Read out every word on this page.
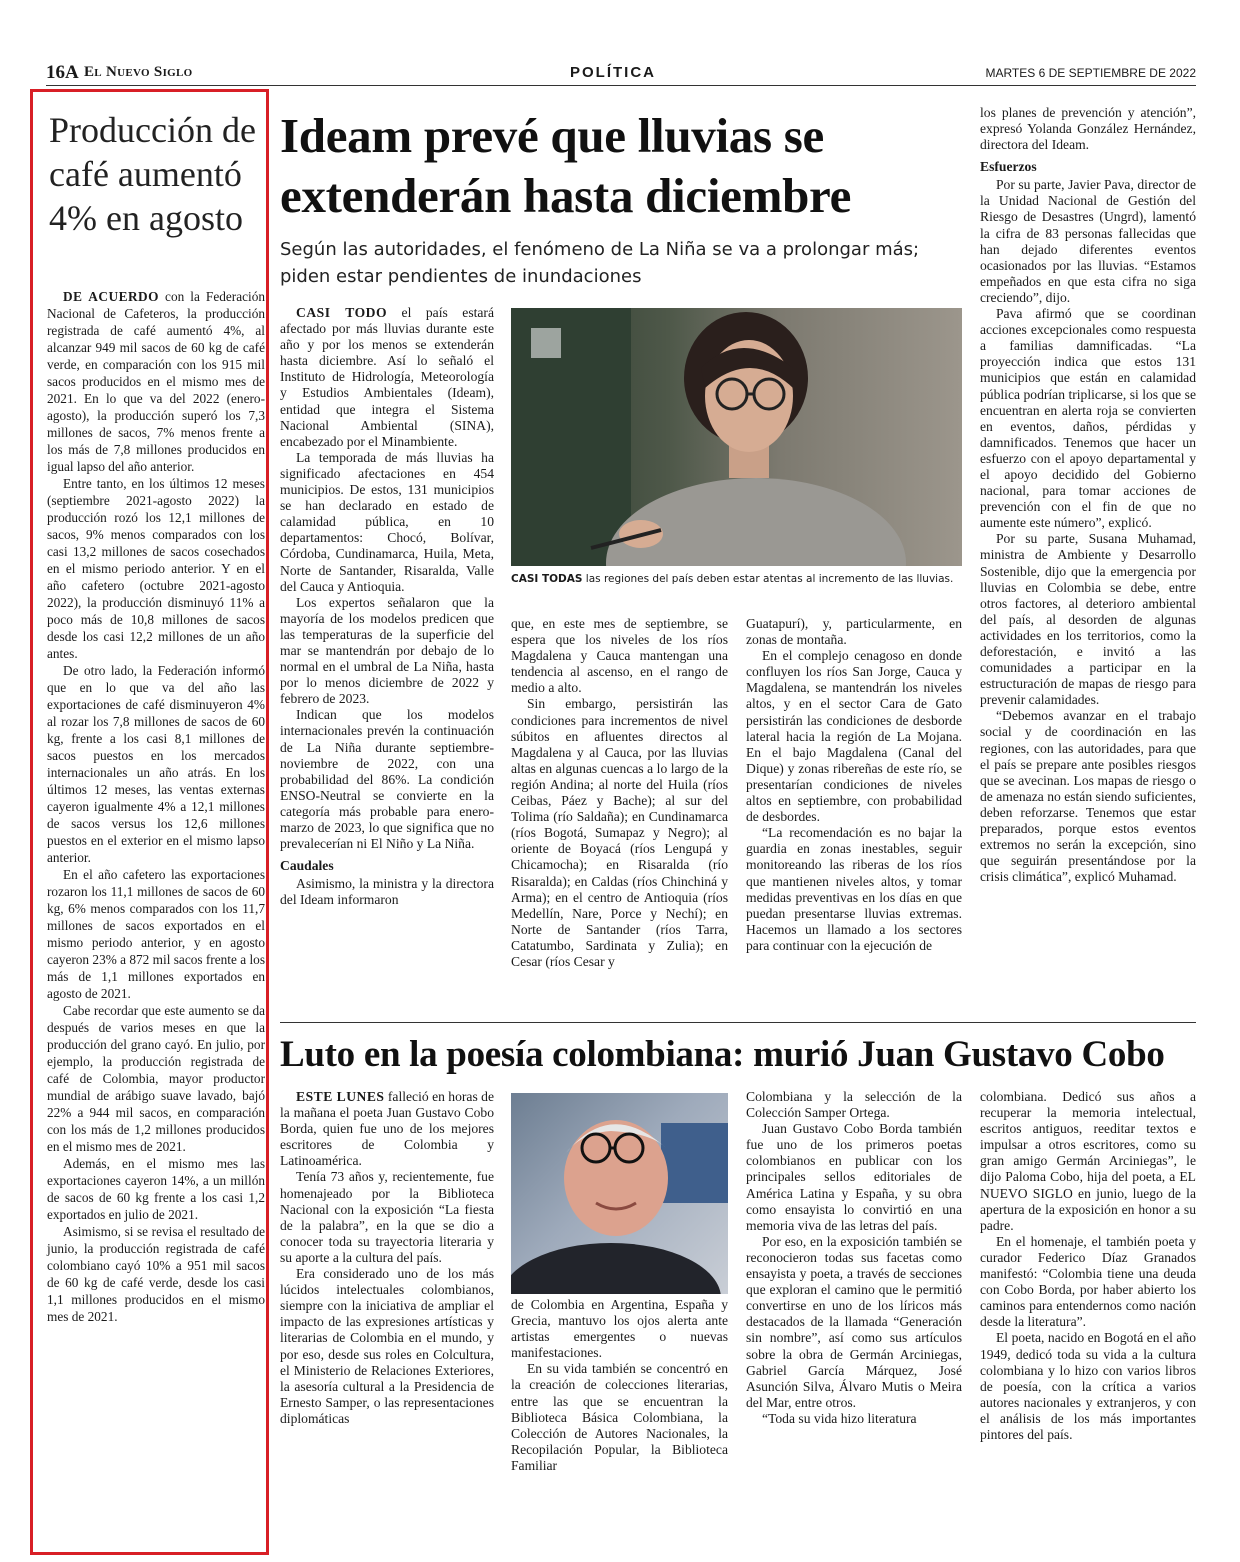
16A El Nuevo Siglo	POLÍTICA	MARTES 6 DE SEPTIEMBRE DE 2022
Producción de café aumentó 4% en agosto

DE ACUERDO con la Federación Nacional de Cafeteros, la producción registrada de café aumentó 4%, al alcanzar 949 mil sacos de 60 kg de café verde, en comparación con los 915 mil sacos producidos en el mismo mes de 2021. En lo que va del 2022 (enero-agosto), la producción superó los 7,3 millones de sacos, 7% menos frente a los más de 7,8 millones producidos en igual lapso del año anterior.

Entre tanto, en los últimos 12 meses (septiembre 2021-agosto 2022) la producción rozó los 12,1 millones de sacos, 9% menos comparados con los casi 13,2 millones de sacos cosechados en el mismo periodo anterior. Y en el año cafetero (octubre 2021-agosto 2022), la producción disminuyó 11% a poco más de 10,8 millones de sacos desde los casi 12,2 millones de un año antes.

De otro lado, la Federación informó que en lo que va del año las exportaciones de café disminuyeron 4% al rozar los 7,8 millones de sacos de 60 kg, frente a los casi 8,1 millones de sacos puestos en los mercados internacionales un año atrás. En los últimos 12 meses, las ventas externas cayeron igualmente 4% a 12,1 millones de sacos versus los 12,6 millones puestos en el exterior en el mismo lapso anterior.

En el año cafetero las exportaciones rozaron los 11,1 millones de sacos de 60 kg, 6% menos comparados con los 11,7 millones de sacos exportados en el mismo periodo anterior, y en agosto cayeron 23% a 872 mil sacos frente a los más de 1,1 millones exportados en agosto de 2021.

Cabe recordar que este aumento se da después de varios meses en que la producción del grano cayó. En julio, por ejemplo, la producción registrada de café de Colombia, mayor productor mundial de arábigo suave lavado, bajó 22% a 944 mil sacos, en comparación con los más de 1,2 millones producidos en el mismo mes de 2021.

Además, en el mismo mes las exportaciones cayeron 14%, a un millón de sacos de 60 kg frente a los casi 1,2 exportados en julio de 2021.

Asimismo, si se revisa el resultado de junio, la producción registrada de café colombiano cayó 10% a 951 mil sacos de 60 kg de café verde, desde los casi 1,1 millones producidos en el mismo mes de 2021.

Ideam prevé que lluvias se extenderán hasta diciembre
Según las autoridades, el fenómeno de La Niña se va a prolongar más; piden estar pendientes de inundaciones
CASI TODAS las regiones del país deben estar atentas al incremento de las lluvias.

CASI TODO el país estará afectado por más lluvias durante este año y por los menos se extenderán hasta diciembre. Así lo señaló el Instituto de Hidrología, Meteorología y Estudios Ambientales (Ideam), entidad que integra el Sistema Nacional Ambiental (SINA), encabezado por el Minambiente.

La temporada de más lluvias ha significado afectaciones en 454 municipios. De estos, 131 municipios se han declarado en estado de calamidad pública, en 10 departamentos: Chocó, Bolívar, Córdoba, Cundinamarca, Huila, Meta, Norte de Santander, Risaralda, Valle del Cauca y Antioquia.

Los expertos señalaron que la mayoría de los modelos predicen que las temperaturas de la superficie del mar se mantendrán por debajo de lo normal en el umbral de La Niña, hasta por lo menos diciembre de 2022 y febrero de 2023.

Indican que los modelos internacionales prevén la continuación de La Niña durante septiembre-noviembre de 2022, con una probabilidad del 86%. La condición ENSO-Neutral se convierte en la categoría más probable para enero-marzo de 2023, lo que significa que no prevalecerían ni El Niño y La Niña.

Caudales

Asimismo, la ministra y la directora del Ideam informaron

que, en este mes de septiembre, se espera que los niveles de los ríos Magdalena y Cauca mantengan una tendencia al ascenso, en el rango de medio a alto.

Sin embargo, persistirán las condiciones para incrementos de nivel súbitos en afluentes directos al Magdalena y al Cauca, por las lluvias altas en algunas cuencas a lo largo de la región Andina; al norte del Huila (ríos Ceibas, Páez y Bache); al sur del Tolima (río Saldaña); en Cundinamarca (ríos Bogotá, Sumapaz y Negro); al oriente de Boyacá (ríos Lengupá y Chicamocha); en Risaralda (río Risaralda); en Caldas (ríos Chinchiná y Arma); en el centro de Antioquia (ríos Medellín, Nare, Porce y Nechí); en Norte de Santander (ríos Tarra, Catatumbo, Sardinata y Zulia); en Cesar (ríos Cesar y

Guatapurí), y, particularmente, en zonas de montaña.

En el complejo cenagoso en donde confluyen los ríos San Jorge, Cauca y Magdalena, se mantendrán los niveles altos, y en el sector Cara de Gato persistirán las condiciones de desborde lateral hacia la región de La Mojana. En el bajo Magdalena (Canal del Dique) y zonas ribereñas de este río, se presentarían condiciones de niveles altos en septiembre, con probabilidad de desbordes.

“La recomendación es no bajar la guardia en zonas inestables, seguir monitoreando las riberas de los ríos que mantienen niveles altos, y tomar medidas preventivas en los días en que puedan presentarse lluvias extremas. Hacemos un llamado a los sectores para continuar con la ejecución de

los planes de prevención y atención”, expresó Yolanda González Hernández, directora del Ideam.

Esfuerzos

Por su parte, Javier Pava, director de la Unidad Nacional de Gestión del Riesgo de Desastres (Ungrd), lamentó la cifra de 83 personas fallecidas que han dejado diferentes eventos ocasionados por las lluvias. “Estamos empeñados en que esta cifra no siga creciendo”, dijo.

Pava afirmó que se coordinan acciones excepcionales como respuesta a familias damnificadas. “La proyección indica que estos 131 municipios que están en calamidad pública podrían triplicarse, si los que se encuentran en alerta roja se convierten en eventos, daños, pérdidas y damnificados. Tenemos que hacer un esfuerzo con el apoyo departamental y el apoyo decidido del Gobierno nacional, para tomar acciones de prevención con el fin de que no aumente este número”, explicó.

Por su parte, Susana Muhamad, ministra de Ambiente y Desarrollo Sostenible, dijo que la emergencia por lluvias en Colombia se debe, entre otros factores, al deterioro ambiental del país, al desorden de algunas actividades en los territorios, como la deforestación, e invitó a las comunidades a participar en la estructuración de mapas de riesgo para prevenir calamidades.

“Debemos avanzar en el trabajo social y de coordinación en las regiones, con las autoridades, para que el país se prepare ante posibles riesgos que se avecinan. Los mapas de riesgo o de amenaza no están siendo suficientes, deben reforzarse. Tenemos que estar preparados, porque estos eventos extremos no serán la excepción, sino que seguirán presentándose por la crisis climática”, explicó Muhamad.

Luto en la poesía colombiana: murió Juan Gustavo Cobo

ESTE LUNES falleció en horas de la mañana el poeta Juan Gustavo Cobo Borda, quien fue uno de los mejores escritores de Colombia y Latinoamérica.

Tenía 73 años y, recientemente, fue homenajeado por la Biblioteca Nacional con la exposición “La fiesta de la palabra”, en la que se dio a conocer toda su trayectoria literaria y su aporte a la cultura del país.

Era considerado uno de los más lúcidos intelectuales colombianos, siempre con la iniciativa de ampliar el impacto de las expresiones artísticas y literarias de Colombia en el mundo, y por eso, desde sus roles en Colcultura, el Ministerio de Relaciones Exteriores, la asesoría cultural a la Presidencia de Ernesto Samper, o las representaciones diplomáticas

de Colombia en Argentina, España y Grecia, mantuvo los ojos alerta ante artistas emergentes o nuevas manifestaciones.

En su vida también se concentró en la creación de colecciones literarias, entre las que se encuentran la Biblioteca Básica Colombiana, la Colección de Autores Nacionales, la Recopilación Popular, la Biblioteca Familiar

Colombiana y la selección de la Colección Samper Ortega.

Juan Gustavo Cobo Borda también fue uno de los primeros poetas colombianos en publicar con los principales sellos editoriales de América Latina y España, y su obra como ensayista lo convirtió en una memoria viva de las letras del país.

Por eso, en la exposición también se reconocieron todas sus facetas como ensayista y poeta, a través de secciones que exploran el camino que le permitió convertirse en uno de los líricos más destacados de la llamada “Generación sin nombre”, así como sus artículos sobre la obra de Germán Arciniegas, Gabriel García Márquez, José Asunción Silva, Álvaro Mutis o Meira del Mar, entre otros.

“Toda su vida hizo literatura

colombiana. Dedicó sus años a recuperar la memoria intelectual, escritos antiguos, reeditar textos e impulsar a otros escritores, como su gran amigo Germán Arciniegas”, le dijo Paloma Cobo, hija del poeta, a EL NUEVO SIGLO en junio, luego de la apertura de la exposición en honor a su padre.

En el homenaje, el también poeta y curador Federico Díaz Granados manifestó: “Colombia tiene una deuda con Cobo Borda, por haber abierto los caminos para entendernos como nación desde la literatura”.

El poeta, nacido en Bogotá en el año 1949, dedicó toda su vida a la cultura colombiana y lo hizo con varios libros de poesía, con la crítica a varios autores nacionales y extranjeros, y con el análisis de los más importantes pintores del país.
